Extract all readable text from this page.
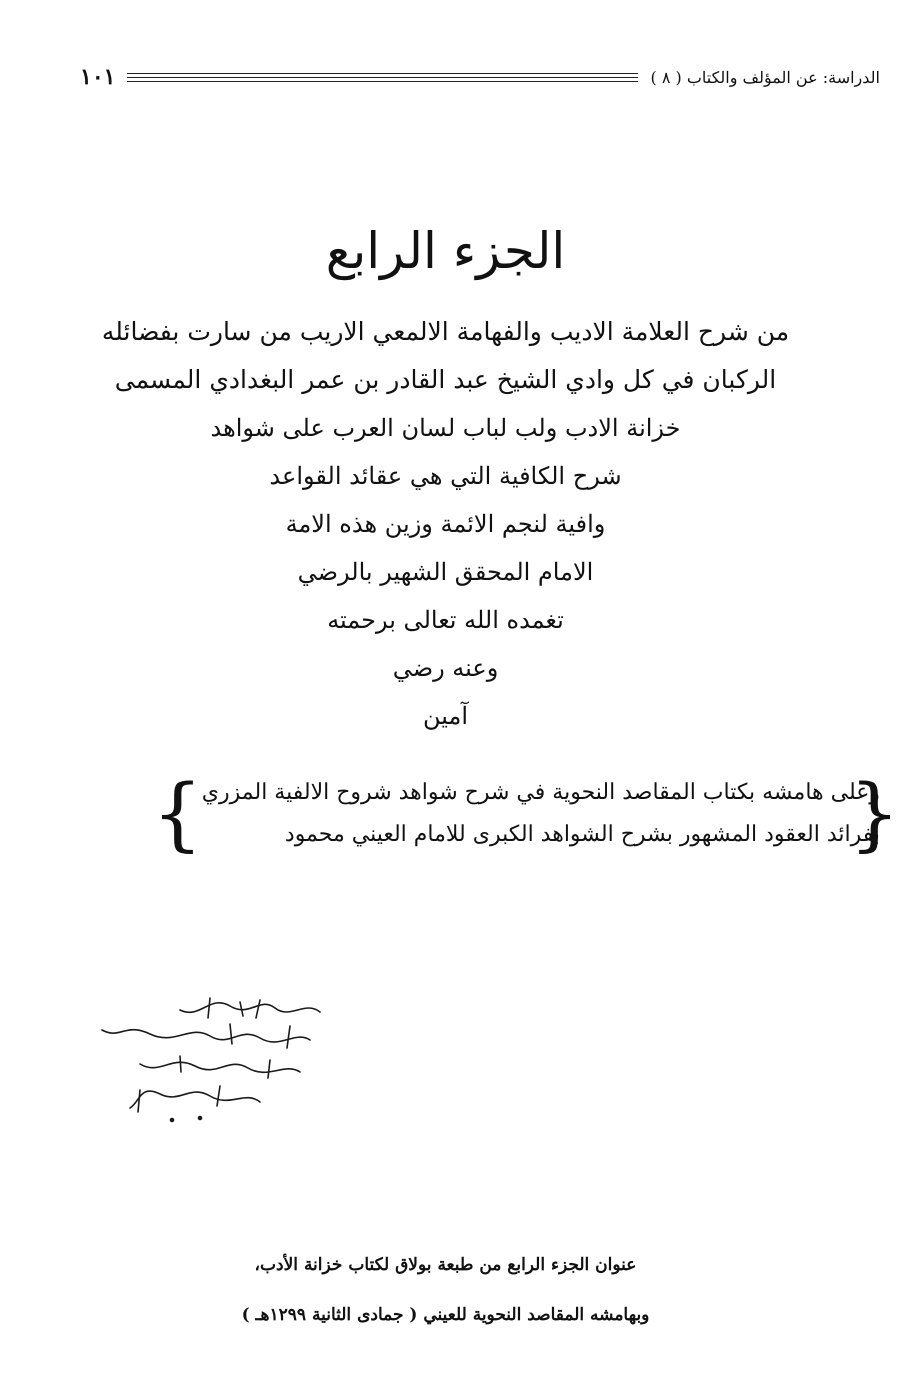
الدراسة: عن المؤلف والكتاب ( ٨ )
١٠١
الجزء الرابع
من شرح العلامة الاديب والفهامة الالمعي الاريب من سارت بفضائله
الركبان في كل وادي الشيخ عبد القادر بن عمر البغدادي المسمى
خزانة الادب ولب لباب لسان العرب على شواهد
شرح الكافية التي هي عقائد القواعد
وافية لنجم الائمة وزين هذه الامة
الامام المحقق الشهير بالرضي
تغمده الله تعالى برحمته
وعنه رضي
آمين
{
وعلى هامشه بكتاب المقاصد النحوية في شرح شواهد شروح الالفية المزري
بفرائد العقود المشهور بشرح الشواهد الكبرى للامام العيني محمود
}
عنوان الجزء الرابع من طبعة بولاق لكتاب خزانة الأدب،
وبهامشه المقاصد النحوية للعيني ( جمادى الثانية ١٢٩٩هـ )
